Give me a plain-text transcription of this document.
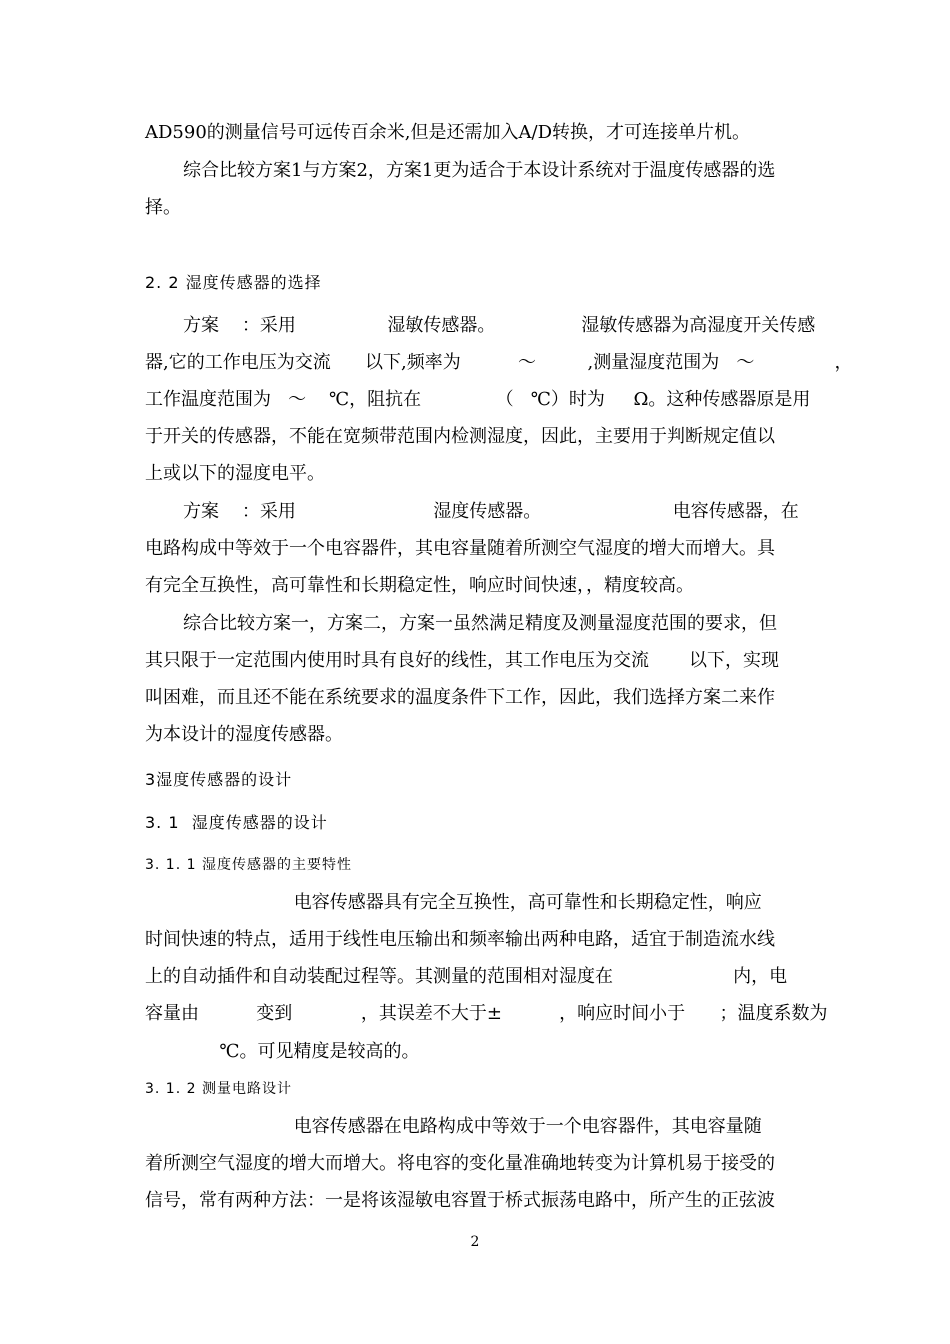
AD590的测量信号可远传百余米,但是还需加入A/D转换，才可连接单片机。
综合比较方案1与方案2，方案1更为适合于本设计系统对于温度传感器的选
择。
2. 2 湿度传感器的选择
方案    ：采用                湿敏传感器。               湿敏传感器为高湿度开关传感
器,它的工作电压为交流      以下,频率为          ～         ,测量湿度范围为   ～              ，
工作温度范围为   ～    ℃，阻抗在             （   ℃）时为     Ω。这种传感器原是用
于开关的传感器，不能在宽频带范围内检测湿度，因此，主要用于判断规定值以
上或以下的湿度电平。
方案    ：采用                        湿度传感器。                       电容传感器，在
电路构成中等效于一个电容器件，其电容量随着所测空气湿度的增大而增大。具
有完全互换性，高可靠性和长期稳定性，响应时间快速，，精度较高。
综合比较方案一，方案二，方案一虽然满足精度及测量湿度范围的要求，但
其只限于一定范围内使用时具有良好的线性，其工作电压为交流       以下，实现
叫困难，而且还不能在系统要求的温度条件下工作，因此，我们选择方案二来作
为本设计的湿度传感器。
3湿度传感器的设计
3. 1  湿度传感器的设计
3. 1. 1 湿度传感器的主要特性
电容传感器具有完全互换性，高可靠性和长期稳定性，响应
时间快速的特点，适用于线性电压输出和频率输出两种电路，适宜于制造流水线
上的自动插件和自动装配过程等。其测量的范围相对湿度在                     内，电
容量由          变到            ，其误差不大于±          ，响应时间小于      ；温度系数为
℃。可见精度是较高的。
3. 1. 2 测量电路设计
电容传感器在电路构成中等效于一个电容器件，其电容量随
着所测空气湿度的增大而增大。将电容的变化量准确地转变为计算机易于接受的
信号，常有两种方法：一是将该湿敏电容置于桥式振荡电路中，所产生的正弦波
2
